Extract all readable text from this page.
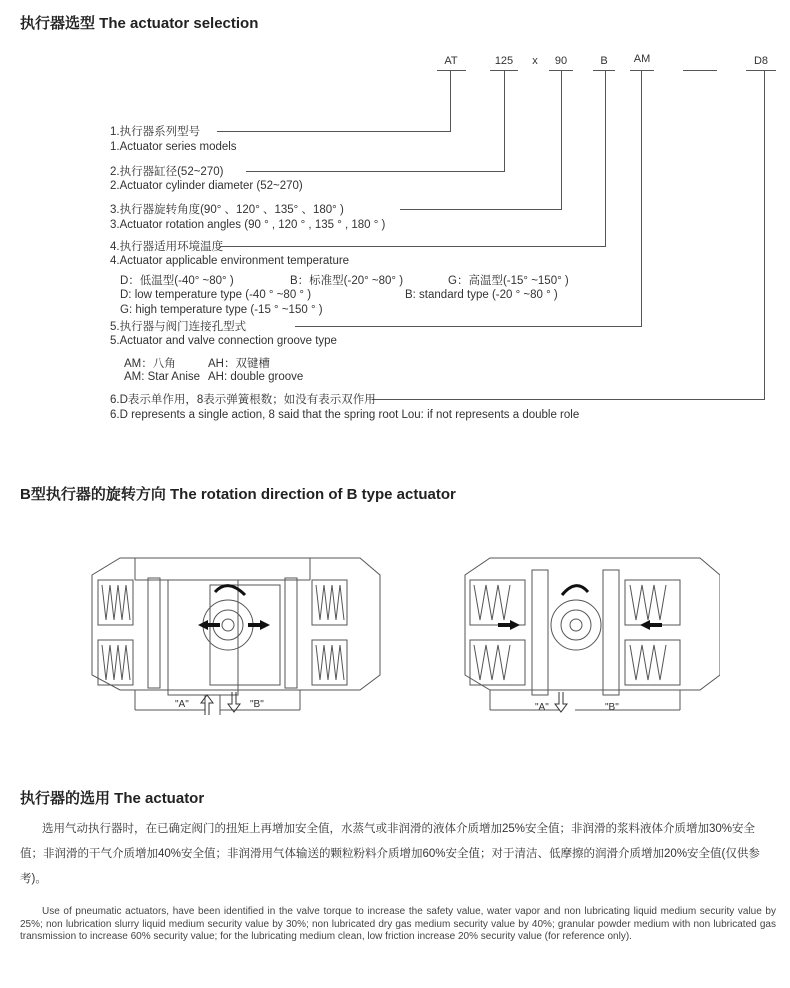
执行器选型 The actuator selection
AT	125	x	90	B	AM	D8
1.执行器系列型号
1.Actuator series models
2.执行器缸径(52~270)
2.Actuator cylinder diameter (52~270)
3.执行器旋转角度(90° 、120° 、135° 、180° )
3.Actuator rotation angles (90 ° , 120 ° , 135 ° , 180 ° )
4.执行器适用环境温度
4.Actuator applicable environment temperature
D：低温型(-40° ~80° )	B：标准型(-20° ~80° )	G：高温型(-15° ~150° )
D: low temperature type (-40 ° ~80 ° )	B: standard type (-20 ° ~80 ° )
G: high temperature type (-15 ° ~150 ° )
5.执行器与阀门连接孔型式
5.Actuator and valve connection groove type
AM：八角	AH：双键槽
AM: Star Anise AH: double groove
6.D表示单作用，8表示弹簧根数；如没有表示双作用
6.D represents a single action, 8 said that the spring root Lou: if not represents a double role
B型执行器的旋转方向 The rotation direction of B type actuator
"A"	"B"	"A"	"B"
执行器的选用 The actuator
选用气动执行器时，在已确定阀门的扭矩上再增加安全值，水蒸气或非润滑的液体介质增加25%安全值；非润滑的浆料液体介质增加30%安全值；非润滑的干气介质增加40%安全值；非润滑用气体输送的颗粒粉料介质增加60%安全值；对于清洁、低摩擦的润滑介质增加20%安全值(仅供参考)。
Use of pneumatic actuators, have been identified in the valve torque to increase the safety value, water vapor and non lubricating liquid medium security value by 25%; non lubrication slurry liquid medium security value by 30%; non lubricated dry gas medium security value by 40%; granular powder medium with non lubricated gas transmission to increase 60% security value; for the lubricating medium clean, low friction increase 20% security value (for reference only).
